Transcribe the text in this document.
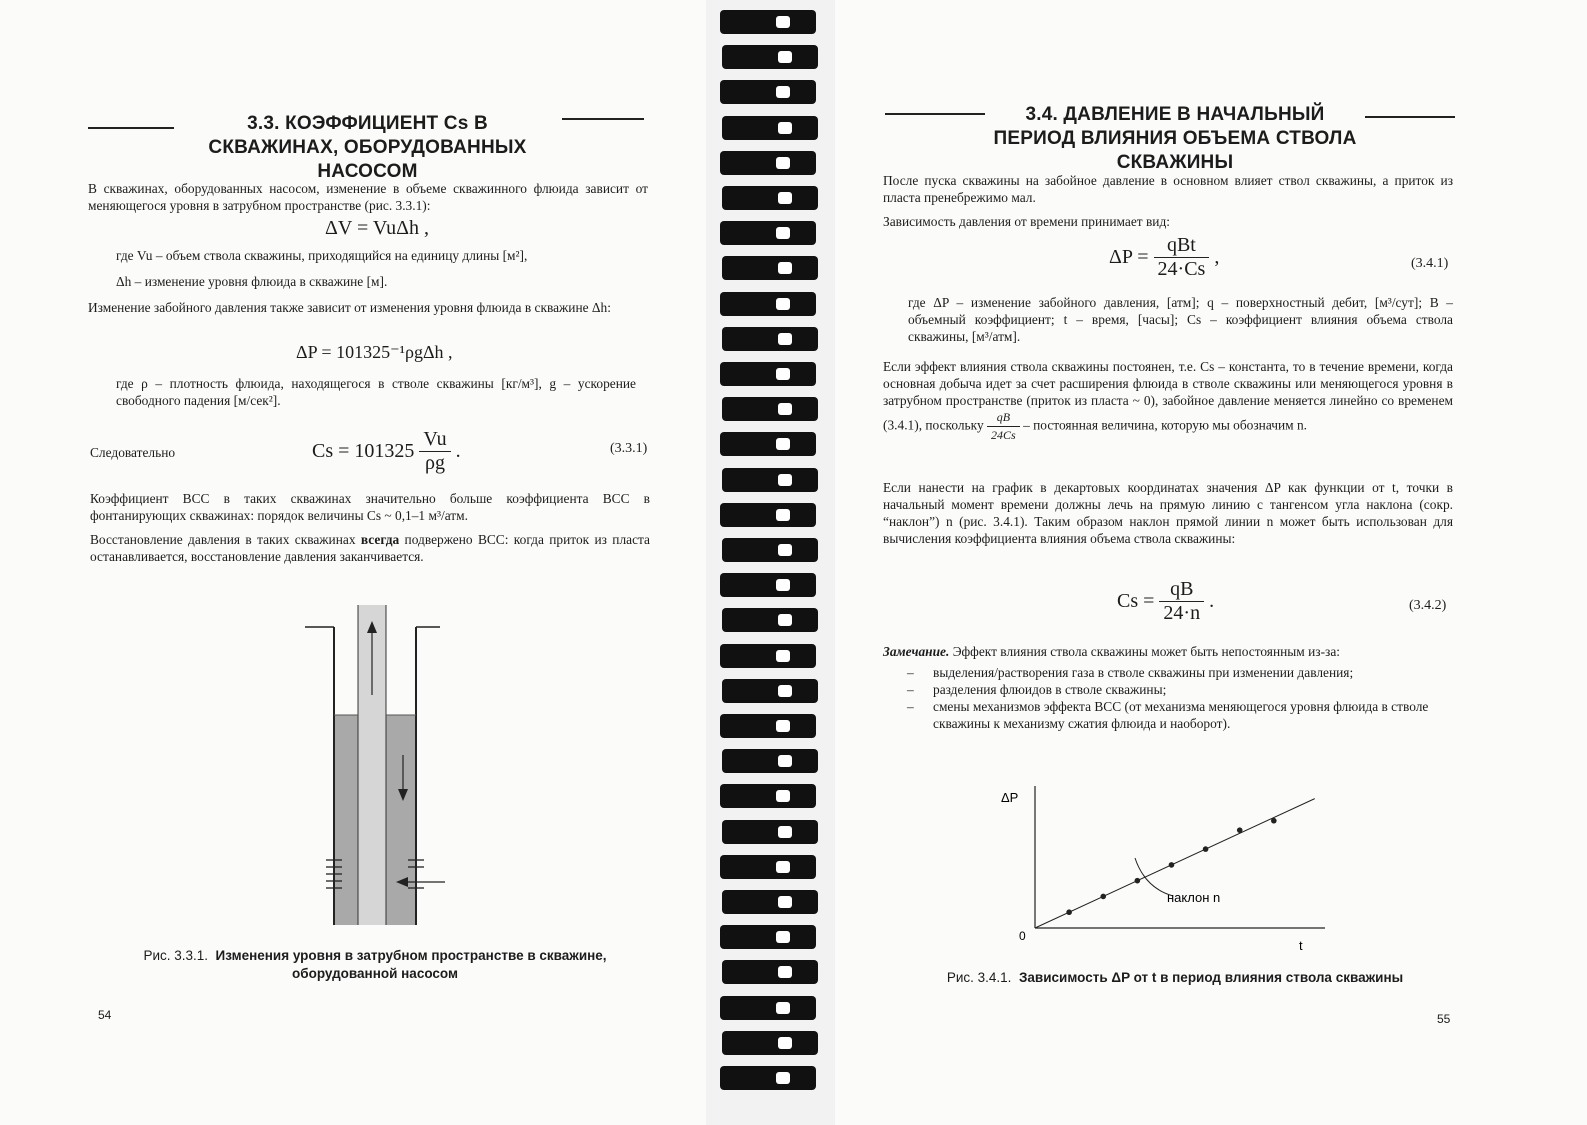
3.3. КОЭФФИЦИЕНТ Cs В СКВАЖИНАХ, ОБОРУДОВАННЫХ НАСОСОМ
В скважинах, оборудованных насосом, изменение в объеме скважинного флюида зависит от меняющегося уровня в затрубном пространстве (рис. 3.3.1):
ΔV = VuΔh ,
где Vu – объем ствола скважины, приходящийся на единицу длины [м²],
Δh – изменение уровня флюида в скважине [м].
Изменение забойного давления также зависит от изменения уровня флюида в скважине Δh:
ΔP = 101325⁻¹ρgΔh ,
где ρ – плотность флюида, находящегося в стволе скважины [кг/м³], g – ускорение свободного падения [м/сек²].
Следовательно	$Cs = 101325 \frac{Vu}{\rho g}$ .	(3.3.1)
Коэффициент ВСС в таких скважинах значительно больше коэффициента ВСС в фонтанирующих скважинах: порядок величины Cs ~ 0,1–1 м³/атм.
Восстановление давления в таких скважинах всегда подвержено ВСС: когда приток из пласта останавливается, восстановление давления заканчивается.
Рис. 3.3.1. Изменения уровня в затрубном пространстве в скважине, оборудованной насосом
54
3.4. ДАВЛЕНИЕ В НАЧАЛЬНЫЙ ПЕРИОД ВЛИЯНИЯ ОБЪЕМА СТВОЛА СКВАЖИНЫ
После пуска скважины на забойное давление в основном влияет ствол скважины, а приток из пласта пренебрежимо мал.
Зависимость давления от времени принимает вид:
$\Delta P = \frac{\text{qBt}}{24\cdot Cs}$ ,	(3.4.1)
где ΔP – изменение забойного давления, [атм]; q – поверхностный дебит, [м³/сут]; B – объемный коэффициент; t – время, [часы]; Cs – коэффициент влияния объема ствола скважины, [м³/атм].
Если эффект влияния ствола скважины постоянен, т.е. Cs – константа, то в течение времени, когда основная добыча идет за счет расширения флюида в стволе скважины или меняющегося уровня в затрубном пространстве (приток из пласта ~ 0), забойное давление меняется линейно со временем (3.4.1), поскольку $\frac{qB}{24Cs}$ – постоянная величина, которую мы обозначим n.
Если нанести на график в декартовых координатах значения ΔP как функции от t, точки в начальный момент времени должны лечь на прямую линию с тангенсом угла наклона (сокр. “наклон”) n (рис. 3.4.1). Таким образом наклон прямой линии n может быть использован для вычисления коэффициента влияния объема ствола скважины:
$Cs = \frac{qB}{24\cdot n}$ .	(3.4.2)
Замечание. Эффект влияния ствола скважины может быть непостоянным из-за:
– выделения/растворения газа в стволе скважины при изменении давления;
– разделения флюидов в стволе скважины;
– смены механизмов эффекта ВСС (от механизма меняющегося уровня флюида в стволе скважины к механизму сжатия флюида и наоборот).
ΔP
0
t
наклон n
Рис. 3.4.1. Зависимость ΔP от t в период влияния ствола скважины
55
